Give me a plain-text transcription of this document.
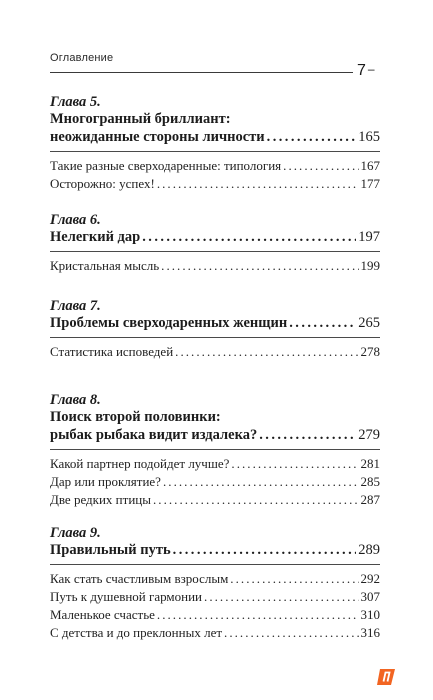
Оглавление
7 –
Глава 5.
Многогранный бриллиант:
неожиданные стороны личности . . .	165
Такие разные сверходаренные: типология . . .	167
Осторожно: успех! . . .	177
Глава 6.
Нелегкий дар . . .	197
Кристальная мысль . . .	199
Глава 7.
Проблемы сверходаренных женщин . . .	265
Статистика исповедей . . .	278
Глава 8.
Поиск второй половинки:
рыбак рыбака видит издалека? . . .	279
Какой партнер подойдет лучше? . . .	281
Дар или проклятие? . . .	285
Две редких птицы . . .	287
Глава 9.
Правильный путь . . .	289
Как стать счастливым взрослым . . .	292
Путь к душевной гармонии . . .	307
Маленькое счастье . . .	310
С детства и до преклонных лет . . .	316
